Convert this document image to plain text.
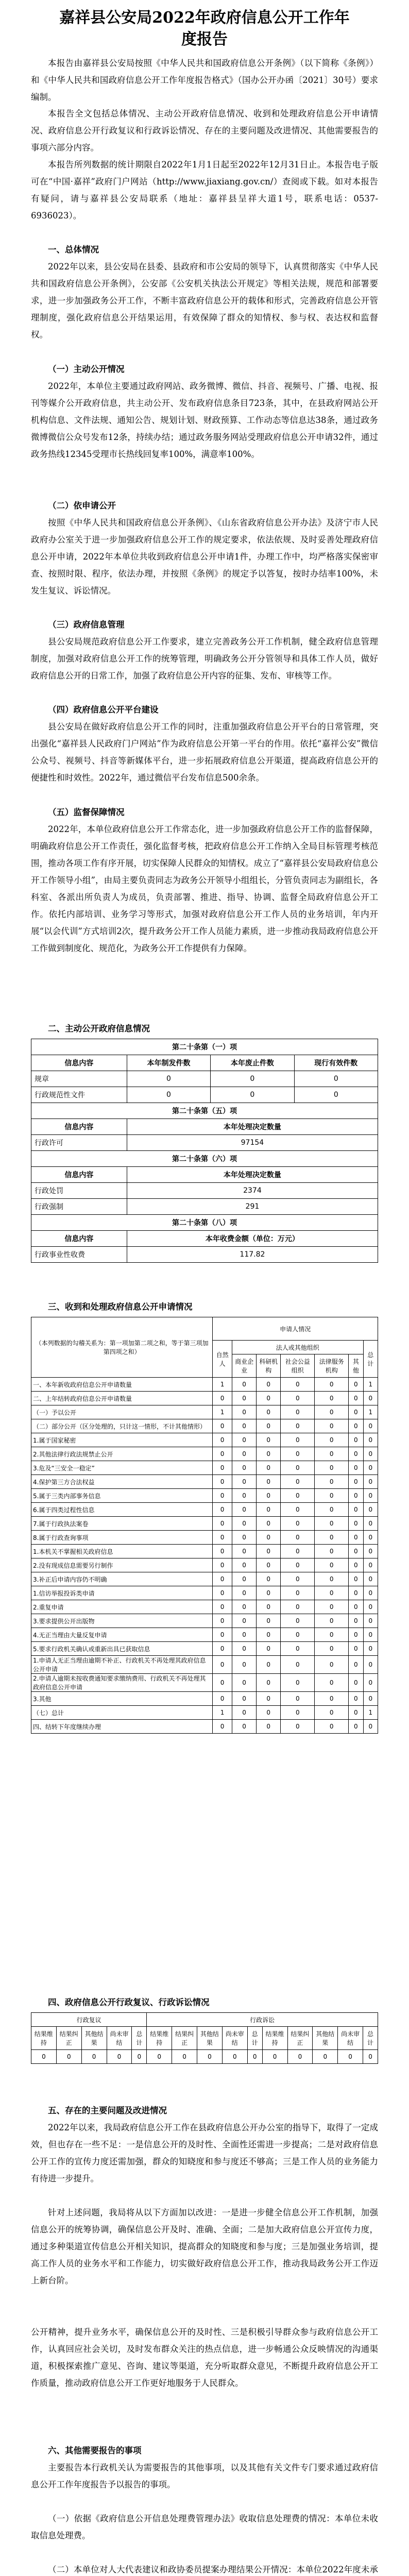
嘉祥县公安局2022年政府信息公开工作年
度报告

本报告由嘉祥县公安局按照《中华人民共和国政府信息公开条例》（以下简称《条例》）和《中华人民共和国政府信息公开工作年度报告格式》（国办公开办函〔2021〕30号）要求编制。

本报告全文包括总体情况、主动公开政府信息情况、收到和处理政府信息公开申请情况、政府信息公开行政复议和行政诉讼情况、存在的主要问题及改进情况、其他需要报告的事项六部分内容。

本报告所列数据的统计期限自2022年1月1日起至2022年12月31日止。本报告电子版可在“中国·嘉祥”政府门户网站（http://www.jiaxiang.gov.cn/）查阅或下载。如对本报告有疑问，请与嘉祥县公安局联系（地址：嘉祥县呈祥大道1号，联系电话：0537-6936023）。

一、总体情况

2022年以来，县公安局在县委、县政府和市公安局的领导下，认真贯彻落实《中华人民共和国政府信息公开条例》，公安部《公安机关执法公开规定》等相关法规，规范和部署要求，进一步加强政务公开工作，不断丰富政府信息公开的载体和形式，完善政府信息公开管理制度，强化政府信息公开结果运用，有效保障了群众的知情权、参与权、表达权和监督权。

（一）主动公开情况

2022年，本单位主要通过政府网站、政务微博、微信、抖音、视频号、广播、电视、报刊等媒介公开政府信息，共主动公开、发布政府信息条目723条，其中，在县政府网站公开机构信息、文件法规、通知公告、规划计划、财政预算、工作动态等信息达38条，通过政务微博微信公众号发布12条，持续办结；通过政务服务网站受理政府信息公开申请32件，通过政务热线12345受理市长热线回复率100%，满意率100%。

（二）依申请公开

按照《中华人民共和国政府信息公开条例》、《山东省政府信息公开办法》及济宁市人民政府办公室关于进一步加强政府信息公开工作的规定要求，依法依规、及时妥善处理政府信息公开申请，2022年本单位共收到政府信息公开申请1件，办理工作中，均严格落实保密审查、按照时限、程序，依法办理，并按照《条例》的规定予以答复，按时办结率100%，未发生复议、诉讼情况。

（三）政府信息管理

县公安局规范政府信息公开工作要求，建立完善政务公开工作机制，健全政府信息管理制度，加强对政府信息公开工作的统筹管理，明确政务公开分管领导和具体工作人员，做好政府信息公开的日常工作，加强了政府信息公开内容的征集、发布、审核等工作。

（四）政府信息公开平台建设

县公安局在做好政府信息公开工作的同时，注重加强政府信息公开平台的日常管理，突出强化“嘉祥县人民政府门户网站”作为政府信息公开第一平台的作用。依托“嘉祥公安”微信公众号、视频号、抖音等新媒体平台，进一步拓展政府信息公开渠道，提高政府信息公开的便捷性和时效性。2022年，通过微信平台发布信息500余条。

（五）监督保障情况

2022年，本单位政府信息公开工作常态化，进一步加强政府信息公开工作的监督保障，明确政府信息公开工作责任，强化监督考核，把政府信息公开工作纳入全局目标管理考核范围，推动各项工作有序开展，切实保障人民群众的知情权。成立了“嘉祥县公安局政府信息公开工作领导小组”，由局主要负责同志为政务公开领导小组组长，分管负责同志为副组长，各科室、各派出所负责人为成员，负责部署、推进、指导、协调、监督全局政府信息公开工作。依托内部培训、业务学习等形式，加强对政府信息公开工作人员的业务培训，年内开展“以会代训”方式培训2次，提升政务公开工作人员能力素质，进一步推动我局政府信息公开工作做到制度化、规范化，为政务公开工作提供有力保障。

二、主动公开政府信息情况

第二十条第（一）项			
信息内容	本年制发件数	本年废止件数	现行有效件数
规章	0	0	0
行政规范性文件	0	0	0
第二十条第（五）项			
信息内容	本年处理决定数量		
行政许可	97154		
第二十条第（六）项			
信息内容	本年处理决定数量		
行政处罚	2374		
行政强制	291		
第二十条第（八）项			
信息内容	本年收费金额（单位：万元）		
行政事业性收费	117.82		

三、收到和处理政府信息公开申请情况

（本列数据的勾稽关系为：第一项加第二项之和，等于第三项加第四项之和）	申请人情况						
	自然人	法人或其他组织					总计
		商业企业	科研机构	社会公益组织	法律服务机构	其他	
一、本年新收政府信息公开申请数量	1	0	0	0	0	0	1
二、上年结转政府信息公开申请数量	0	0	0	0	0	0	0
（一）予以公开	1	0	0	0	0	0	1
（二）部分公开（区分处理的，只计这一情形，不计其他情形）	0	0	0	0	0	0	0
1.属于国家秘密	0	0	0	0	0	0	0
2.其他法律行政法规禁止公开	0	0	0	0	0	0	0
3.危及“三安全一稳定”	0	0	0	0	0	0	0
4.保护第三方合法权益	0	0	0	0	0	0	0
5.属于三类内部事务信息	0	0	0	0	0	0	0
6.属于四类过程性信息	0	0	0	0	0	0	0
7.属于行政执法案卷	0	0	0	0	0	0	0
8.属于行政查询事项	0	0	0	0	0	0	0
1.本机关不掌握相关政府信息	0	0	0	0	0	0	0
2.没有现成信息需要另行制作	0	0	0	0	0	0	0
3.补正后申请内容仍不明确	0	0	0	0	0	0	0
1.信访举报投诉类申请	0	0	0	0	0	0	0
2.重复申请	0	0	0	0	0	0	0
3.要求提供公开出版物	0	0	0	0	0	0	0
4.无正当理由大量反复申请	0	0	0	0	0	0	0
5.要求行政机关确认或重新出具已获取信息	0	0	0	0	0	0	0
1.申请人无正当理由逾期不补正、行政机关不再处理其政府信息公开申请	0	0	0	0	0	0	0
2.申请人逾期未按收费通知要求缴纳费用、行政机关不再处理其政府信息公开申请	0	0	0	0	0	0	0
3.其他	0	0	0	0	0	0	0
（七）总计	1	0	0	0	0	0	1
四、结转下年度继续办理	0	0	0	0	0	0	0

四、政府信息公开行政复议、行政诉讼情况

行政复议					行政诉讼									
结果维持	结果纠正	其他结果	尚未审结	总计	结果维持	结果纠正	其他结果	尚未审结	总计	结果维持	结果纠正	其他结果	尚未审结	总计
0	0	0	0	0	0	0	0	0	0	0	0	0	0	0

五、存在的主要问题及改进情况

2022年以来，我局政府信息公开工作在县政府信息公开办公室的指导下，取得了一定成效，但也存在一些不足：一是信息公开的及时性、全面性还需进一步提高；二是对政府信息公开工作的宣传力度还需加强，群众的知晓度和参与度还不够高；三是工作人员的业务能力有待进一步提升。

针对上述问题，我局将从以下方面加以改进：一是进一步健全信息公开工作机制，加强信息公开的统筹协调，确保信息公开及时、准确、全面；二是加大政府信息公开宣传力度，通过多种渠道宣传信息公开相关知识，提高群众的知晓度和参与度；三是加强业务培训，提高工作人员的业务水平和工作能力，切实做好政府信息公开工作，推动我局政务公开工作迈上新台阶。

公开精神，提升业务水平，确保信息公开的及时性、三是积极引导群众参与政府信息公开工作，认真回应社会关切，及时发布群众关注的热点信息，进一步畅通公众反映情况的沟通渠道，积极探索推广意见、咨询、建议等渠道，充分听取群众意见，不断提升政府信息公开工作质量，推动政府信息公开工作更好地服务于人民群众。

六、其他需要报告的事项

主要报告本行政机关认为需要报告的其他事项，以及其他有关文件专门要求通过政府信息公开工作年度报告予以报告的事项。

（一）依据《政府信息公开信息处理费管理办法》收取信息处理费的情况：本单位未收取信息处理费。

（二）本单位对人大代表建议和政协委员提案办理结果公开情况：本单位2022年度未承
